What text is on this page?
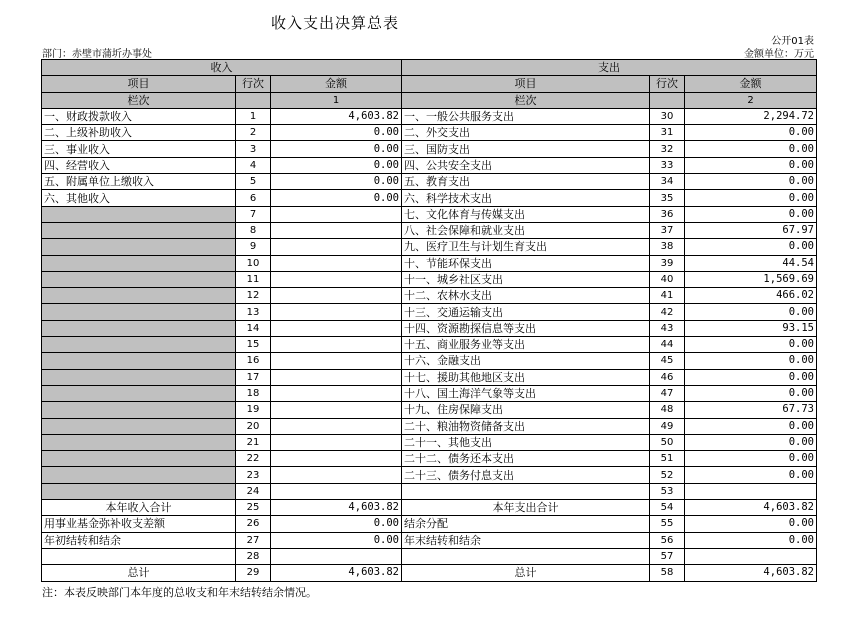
收入支出决算总表
公开01表
部门：赤壁市蒲圻办事处	金额单位：万元
收入			支出		
项目	行次	金额	项目	行次	金额
栏次		1	栏次		2
一、财政拨款收入	1	4,603.82	一、一般公共服务支出	30	2,294.72
二、上级补助收入	2	0.00	二、外交支出	31	0.00
三、事业收入	3	0.00	三、国防支出	32	0.00
四、经营收入	4	0.00	四、公共安全支出	33	0.00
五、附属单位上缴收入	5	0.00	五、教育支出	34	0.00
六、其他收入	6	0.00	六、科学技术支出	35	0.00
	7		七、文化体育与传媒支出	36	0.00
	8		八、社会保障和就业支出	37	67.97
	9		九、医疗卫生与计划生育支出	38	0.00
	10		十、节能环保支出	39	44.54
	11		十一、城乡社区支出	40	1,569.69
	12		十二、农林水支出	41	466.02
	13		十三、交通运输支出	42	0.00
	14		十四、资源勘探信息等支出	43	93.15
	15		十五、商业服务业等支出	44	0.00
	16		十六、金融支出	45	0.00
	17		十七、援助其他地区支出	46	0.00
	18		十八、国土海洋气象等支出	47	0.00
	19		十九、住房保障支出	48	67.73
	20		二十、粮油物资储备支出	49	0.00
	21		二十一、其他支出	50	0.00
	22		二十二、债务还本支出	51	0.00
	23		二十三、债务付息支出	52	0.00
	24			53	
本年收入合计	25	4,603.82	本年支出合计	54	4,603.82
用事业基金弥补收支差额	26	0.00	结余分配	55	0.00
年初结转和结余	27	0.00	年末结转和结余	56	0.00
	28			57	
总计	29	4,603.82	总计	58	4,603.82
注：本表反映部门本年度的总收支和年末结转结余情况。
